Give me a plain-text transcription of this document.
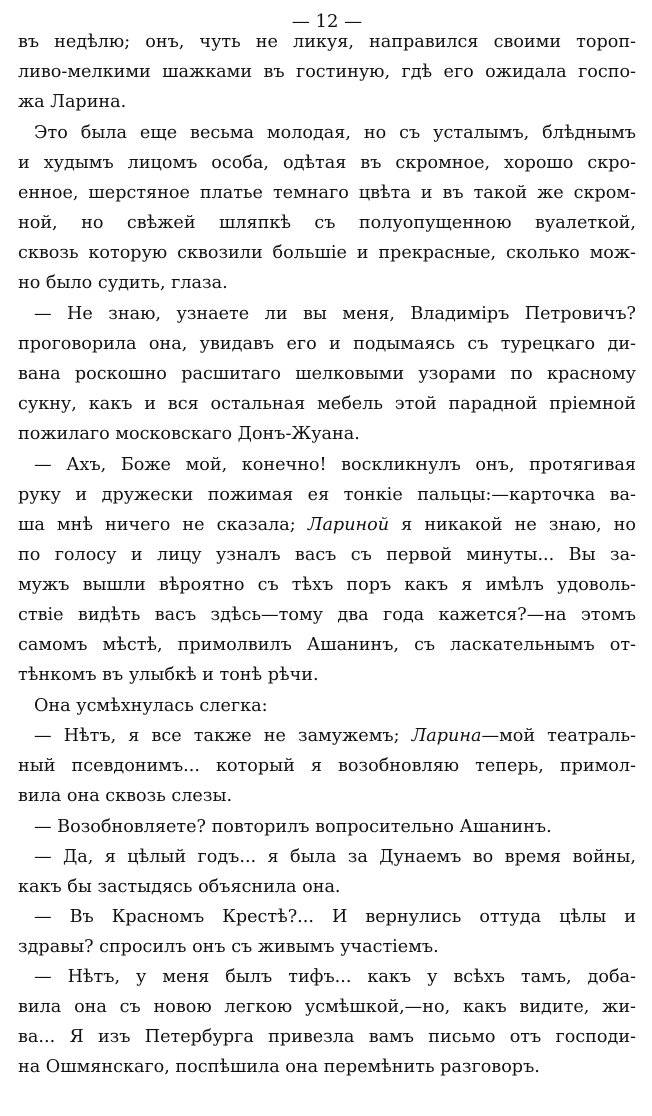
— 12 —
въ недѣлю; онъ, чуть не ликуя, направился своими тороп-
ливо-мелкими шажками въ гостиную, гдѣ его ожидала госпо-
жа Ларина.
Это была еще весьма молодая, но съ усталымъ, блѣднымъ
и худымъ лицомъ особа, одѣтая въ скромное, хорошо скро-
енное, шерстяное платье темнаго цвѣта и въ такой же скром-
ной, но свѣжей шляпкѣ съ полуопущенною вуалеткой,
сквозь которую сквозили большіе и прекрасные, сколько мож-
но было судить, глаза.
— Не знаю, узнаете ли вы меня, Владиміръ Петровичъ?
проговорила она, увидавъ его и подымаясь съ турецкаго ди-
вана роскошно расшитаго шелковыми узорами по красному
сукну, какъ и вся остальная мебель этой парадной пріемной
пожилаго московскаго Донъ-Жуана.
— Ахъ, Боже мой, конечно! воскликнулъ онъ, протягивая
руку и дружески пожимая ея тонкіе пальцы:—карточка ва-
ша мнѣ ничего не сказала; Лариной я никакой не знаю, но
по голосу и лицу узналъ васъ съ первой минуты... Вы за-
мужъ вышли вѣроятно съ тѣхъ поръ какъ я имѣлъ удоволь-
ствіе видѣть васъ здѣсь—тому два года кажется?—на этомъ
самомъ мѣстѣ, примолвилъ Ашанинъ, съ ласкательнымъ от-
тѣнкомъ въ улыбкѣ и тонѣ рѣчи.
Она усмѣхнулась слегка:
— Нѣтъ, я все также не замужемъ; Ларина—мой театраль-
ный псевдонимъ... который я возобновляю теперь, примол-
вила она сквозь слезы.
— Возобновляете? повторилъ вопросительно Ашанинъ.
— Да, я цѣлый годъ... я была за Дунаемъ во время войны,
какъ бы застыдясь объяснила она.
— Въ Красномъ Крестѣ?... И вернулись оттуда цѣлы и
здравы? спросилъ онъ съ живымъ участіемъ.
— Нѣтъ, у меня былъ тифъ... какъ у всѣхъ тамъ, доба-
вила она съ новою легкою усмѣшкой,—но, какъ видите, жи-
ва... Я изъ Петербурга привезла вамъ письмо отъ господи-
на Ошмянскаго, поспѣшила она перемѣнить разговоръ.
